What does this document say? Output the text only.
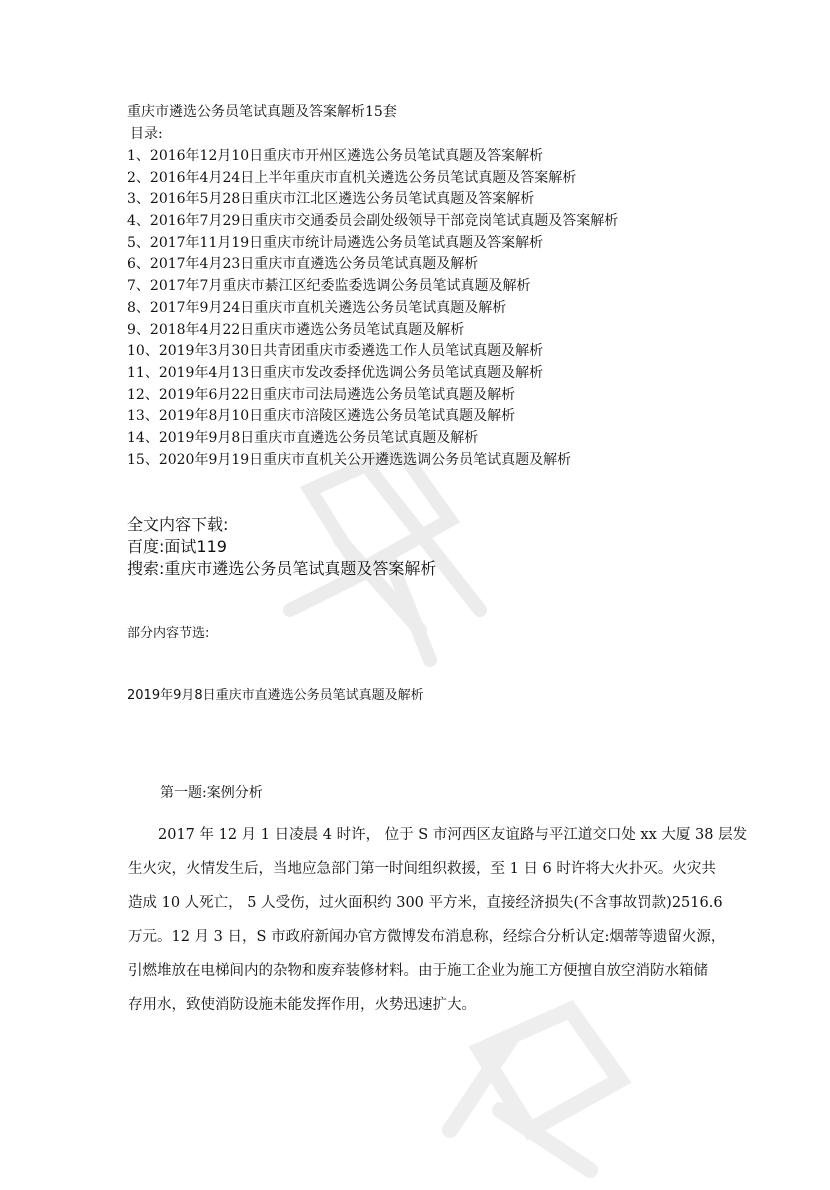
重庆市遴选公务员笔试真题及答案解析15套
目录:
1、2016年12月10日重庆市开州区遴选公务员笔试真题及答案解析
2、2016年4月24日上半年重庆市直机关遴选公务员笔试真题及答案解析
3、2016年5月28日重庆市江北区遴选公务员笔试真题及答案解析
4、2016年7月29日重庆市交通委员会副处级领导干部竞岗笔试真题及答案解析
5、2017年11月19日重庆市统计局遴选公务员笔试真题及答案解析
6、2017年4月23日重庆市直遴选公务员笔试真题及解析
7、2017年7月重庆市綦江区纪委监委选调公务员笔试真题及解析
8、2017年9月24日重庆市直机关遴选公务员笔试真题及解析
9、2018年4月22日重庆市遴选公务员笔试真题及解析
10、2019年3月30日共青团重庆市委遴选工作人员笔试真题及解析
11、2019年4月13日重庆市发改委择优选调公务员笔试真题及解析
12、2019年6月22日重庆市司法局遴选公务员笔试真题及解析
13、2019年8月10日重庆市涪陵区遴选公务员笔试真题及解析
14、2019年9月8日重庆市直遴选公务员笔试真题及解析
15、2020年9月19日重庆市直机关公开遴选选调公务员笔试真题及解析
全文内容下载:
百度:面试119
搜索:重庆市遴选公务员笔试真题及答案解析
部分内容节选:
2019年9月8日重庆市直遴选公务员笔试真题及解析
第一题:案例分析
2017 年 12 月 1 日凌晨 4 时许， 位于 S 市河西区友谊路与平江道交口处 xx 大厦 38 层发
生火灾，火情发生后，当地应急部门第一时间组织救援，至 1 日 6 时许将大火扑灭。火灾共
造成 10 人死亡， 5 人受伤，过火面积约 300 平方米，直接经济损失(不含事故罚款)2516.6
万元。12 月 3 日，S 市政府新闻办官方微博发布消息称，经综合分析认定:烟蒂等遗留火源，
引燃堆放在电梯间内的杂物和废弃装修材料。由于施工企业为施工方便擅自放空消防水箱储
存用水，致使消防设施未能发挥作用，火势迅速扩大。
